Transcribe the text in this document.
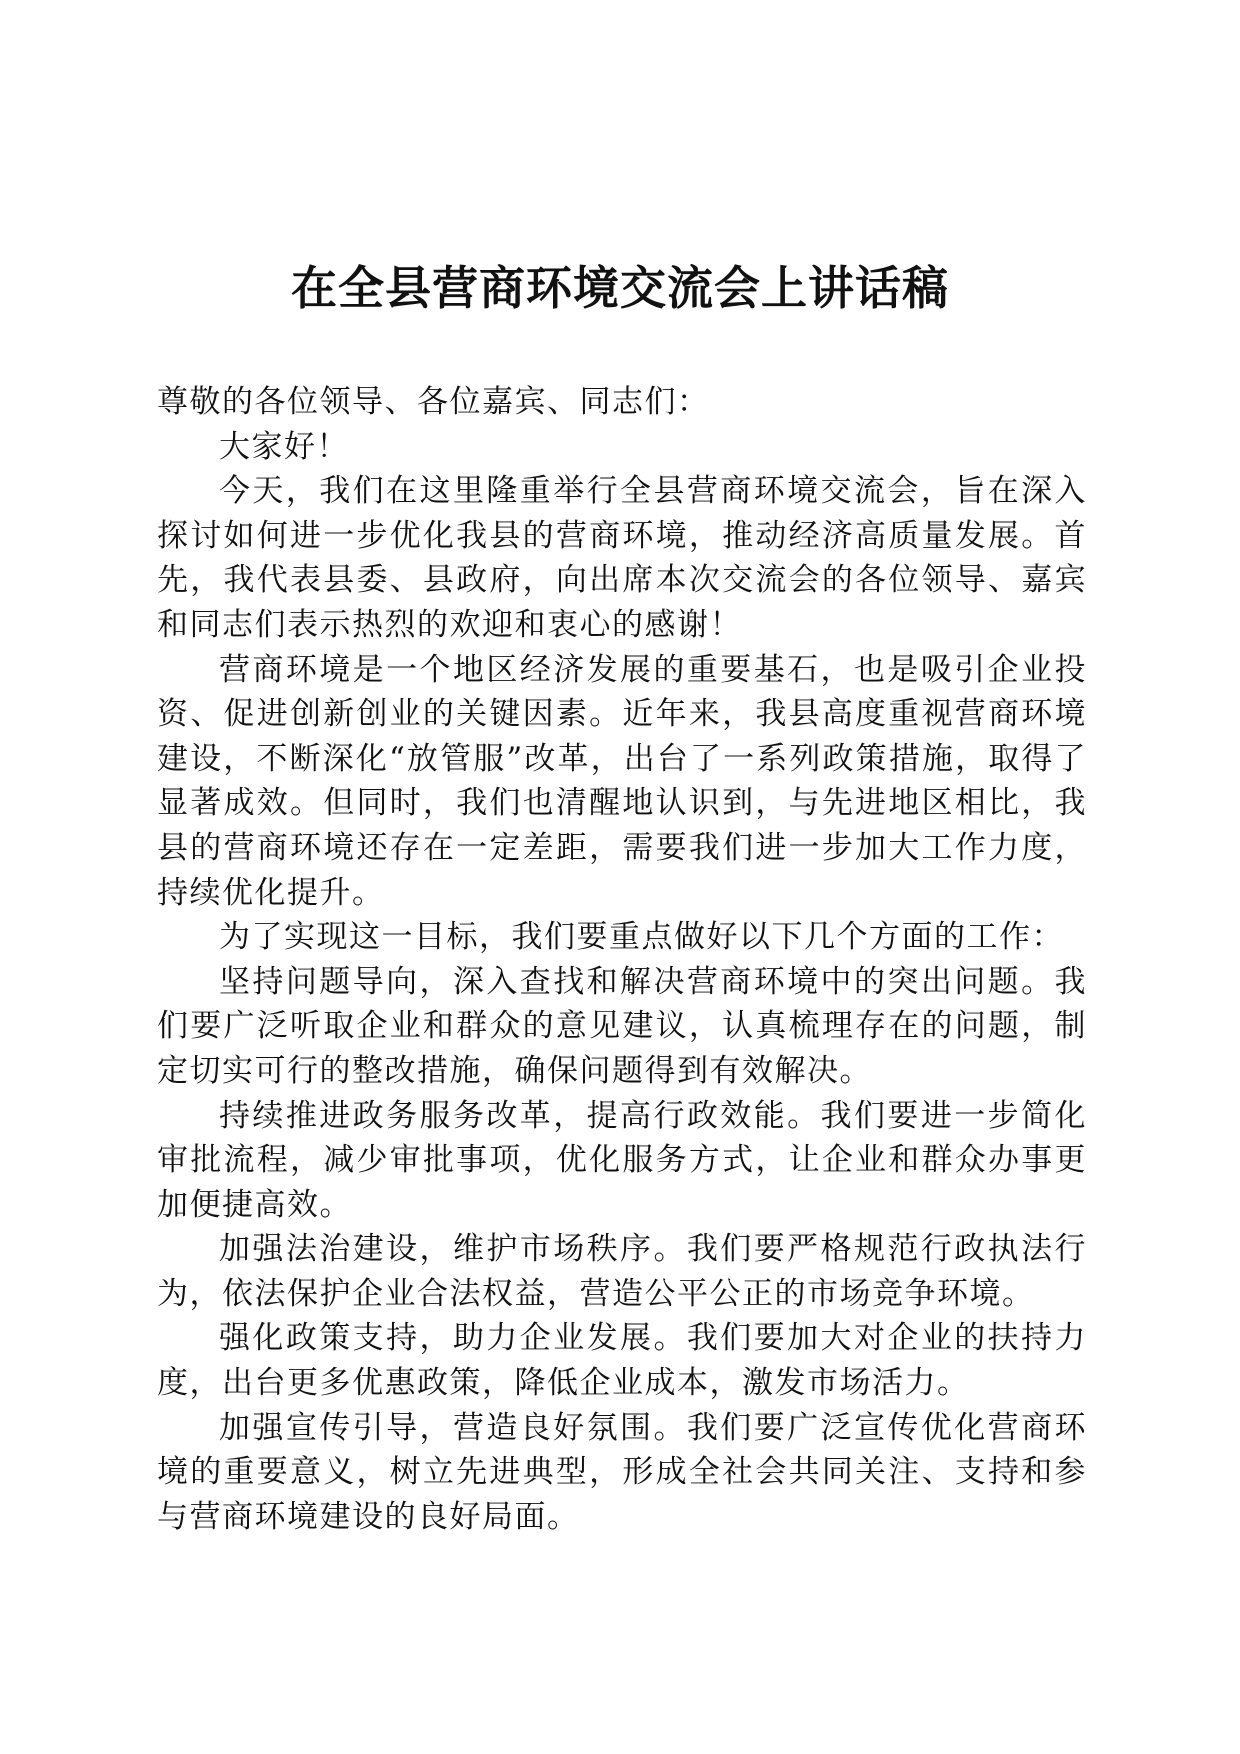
在全县营商环境交流会上讲话稿

尊敬的各位领导、各位嘉宾、同志们：

大家好！

今天，我们在这里隆重举行全县营商环境交流会，旨在深入探讨如何进一步优化我县的营商环境，推动经济高质量发展。首先，我代表县委、县政府，向出席本次交流会的各位领导、嘉宾和同志们表示热烈的欢迎和衷心的感谢！

营商环境是一个地区经济发展的重要基石，也是吸引企业投资、促进创新创业的关键因素。近年来，我县高度重视营商环境建设，不断深化“放管服”改革，出台了一系列政策措施，取得了显著成效。但同时，我们也清醒地认识到，与先进地区相比，我县的营商环境还存在一定差距，需要我们进一步加大工作力度，持续优化提升。

为了实现这一目标，我们要重点做好以下几个方面的工作：

坚持问题导向，深入查找和解决营商环境中的突出问题。我们要广泛听取企业和群众的意见建议，认真梳理存在的问题，制定切实可行的整改措施，确保问题得到有效解决。

持续推进政务服务改革，提高行政效能。我们要进一步简化审批流程，减少审批事项，优化服务方式，让企业和群众办事更加便捷高效。

加强法治建设，维护市场秩序。我们要严格规范行政执法行为，依法保护企业合法权益，营造公平公正的市场竞争环境。

强化政策支持，助力企业发展。我们要加大对企业的扶持力度，出台更多优惠政策，降低企业成本，激发市场活力。

加强宣传引导，营造良好氛围。我们要广泛宣传优化营商环境的重要意义，树立先进典型，形成全社会共同关注、支持和参与营商环境建设的良好局面。
